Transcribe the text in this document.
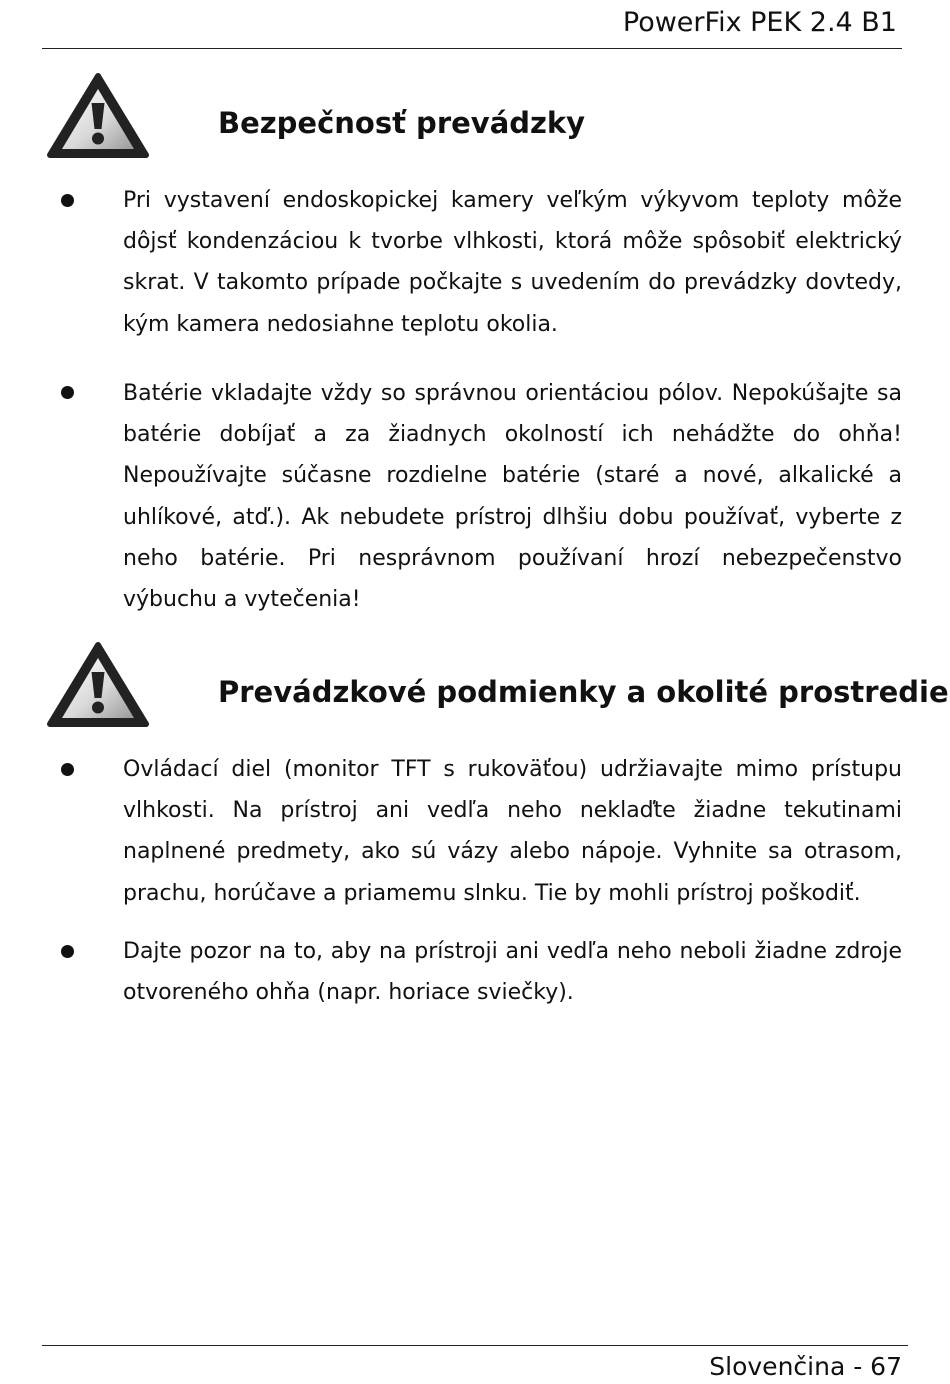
PowerFix PEK 2.4 B1
Bezpečnosť prevádzky

Pri vystavení endoskopickej kamery veľkým výkyvom teploty môže dôjsť kondenzáciou k tvorbe vlhkosti, ktorá môže spôsobiť elektrický skrat. V takomto prípade počkajte s uvedením do prevádzky dovtedy, kým kamera nedosiahne teplotu okolia.

Batérie vkladajte vždy so správnou orientáciou pólov. Nepokúšajte sa batérie dobíjať a za žiadnych okolností ich nehádžte do ohňa! Nepoužívajte súčasne rozdielne batérie (staré a nové, alkalické a uhlíkové, atď.). Ak nebudete prístroj dlhšiu dobu používať, vyberte z neho batérie. Pri nesprávnom používaní hrozí nebezpečenstvo výbuchu a vytečenia!

Prevádzkové podmienky a okolité prostredie

Ovládací diel (monitor TFT s rukoväťou) udržiavajte mimo prístupu vlhkosti. Na prístroj ani vedľa neho neklaďte žiadne tekutinami naplnené predmety, ako sú vázy alebo nápoje. Vyhnite sa otrasom, prachu, horúčave a priamemu slnku. Tie by mohli prístroj poškodiť.

Dajte pozor na to, aby na prístroji ani vedľa neho neboli žiadne zdroje otvoreného ohňa (napr. horiace sviečky).

Slovenčina - 67
